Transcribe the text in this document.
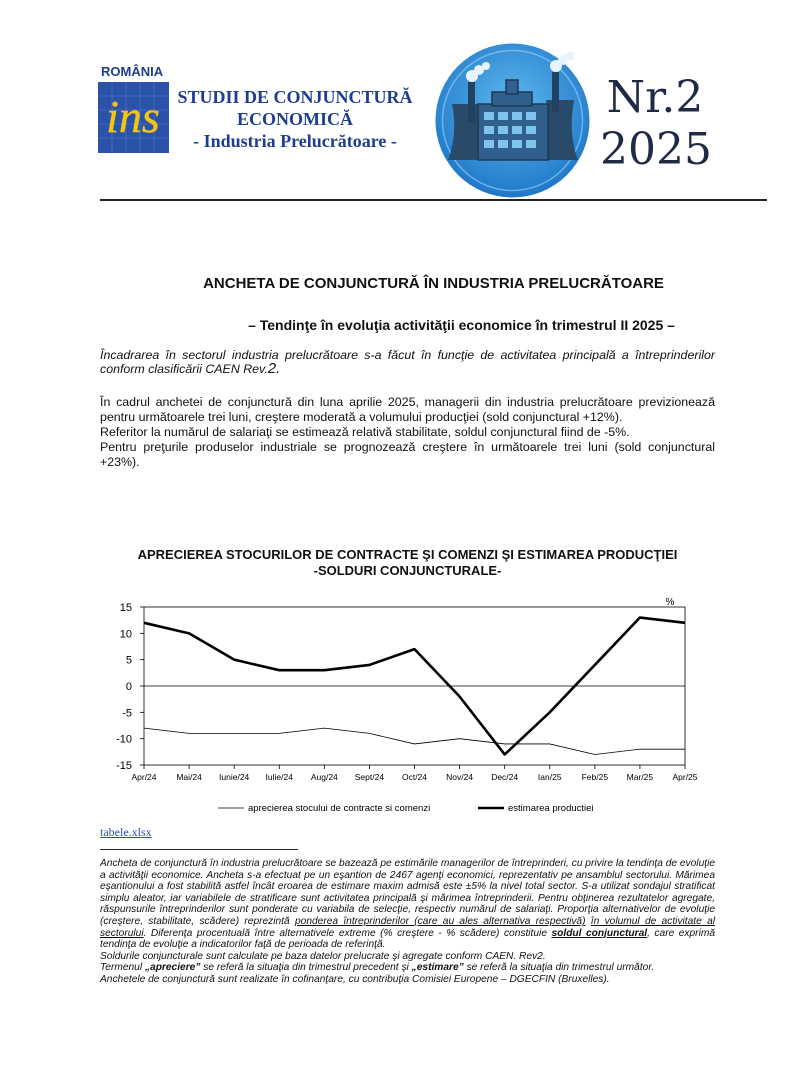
ROMÂNIA
ins STUDII DE CONJUNCTURĂ
ECONOMICĂ
- Industria Prelucrătoare -
Nr.2
2025
ANCHETA DE CONJUNCTURĂ ÎN INDUSTRIA PRELUCRĂTOARE
– Tendinţe în evoluţia activităţii economice în trimestrul II 2025 –
Încadrarea în sectorul industria prelucrătoare s-a făcut în funcţie de activitatea principală a întreprinderilor conform clasificării CAEN Rev.2.

În cadrul anchetei de conjunctură din luna aprilie 2025, managerii din industria prelucrătoare previzionează pentru următoarele trei luni, creştere moderată a volumului producţiei (sold conjunctural +12%).

Referitor la numărul de salariaţi se estimează relativă stabilitate, soldul conjunctural fiind de -5%.

Pentru preţurile produselor industriale se prognozează creştere în următoarele trei luni (sold conjunctural +23%).

APRECIEREA STOCURILOR DE CONTRACTE ŞI COMENZI ŞI ESTIMAREA PRODUCŢIEI
-SOLDURI CONJUNCTURALE-
15
10
5
0
-5
-10
-15
Apr/24 Mai/24 Iunie/24 Iulie/24 Aug/24 Sept/24 Oct/24 Nov/24 Dec/24 Ian/25 Feb/25 Mar/25 Apr/25
%
aprecierea stocului de contracte si comenzi	estimarea productiei
tabele.xlsx

Ancheta de conjunctură în industria prelucrătoare se bazează pe estimările managerilor de întreprinderi, cu privire la tendinţa de evoluţie a activităţii economice. Ancheta s-a efectuat pe un eşantion de 2467 agenţi economici, reprezentativ pe ansamblul sectorului. Mărimea eşantionului a fost stabilită astfel încât eroarea de estimare maxim admisă este ±5% la nivel total sector. S-a utilizat sondajul stratificat simplu aleator, iar variabilele de stratificare sunt activitatea principală şi mărimea întreprinderii. Pentru obţinerea rezultatelor agregate, răspunsurile întreprinderilor sunt ponderate cu variabila de selecţie, respectiv numărul de salariaţi. Proporţia alternativelor de evoluţie (creştere, stabilitate, scădere) reprezintă ponderea întreprinderilor (care au ales alternativa respectivă) în volumul de activitate al sectorului. Diferenţa procentuală între alternativele extreme (% creştere - % scădere) constituie soldul conjunctural, care exprimă tendinţa de evoluţie a indicatorilor faţă de perioada de referinţă.

Soldurile conjuncturale sunt calculate pe baza datelor prelucrate şi agregate conform CAEN. Rev2.

Termenul „apreciere” se referă la situaţia din trimestrul precedent şi „estimare” se referă la situaţia din trimestrul următor.

Anchetele de conjunctură sunt realizate în cofinanţare, cu contribuţia Comisiei Europene – DGECFIN (Bruxelles).
